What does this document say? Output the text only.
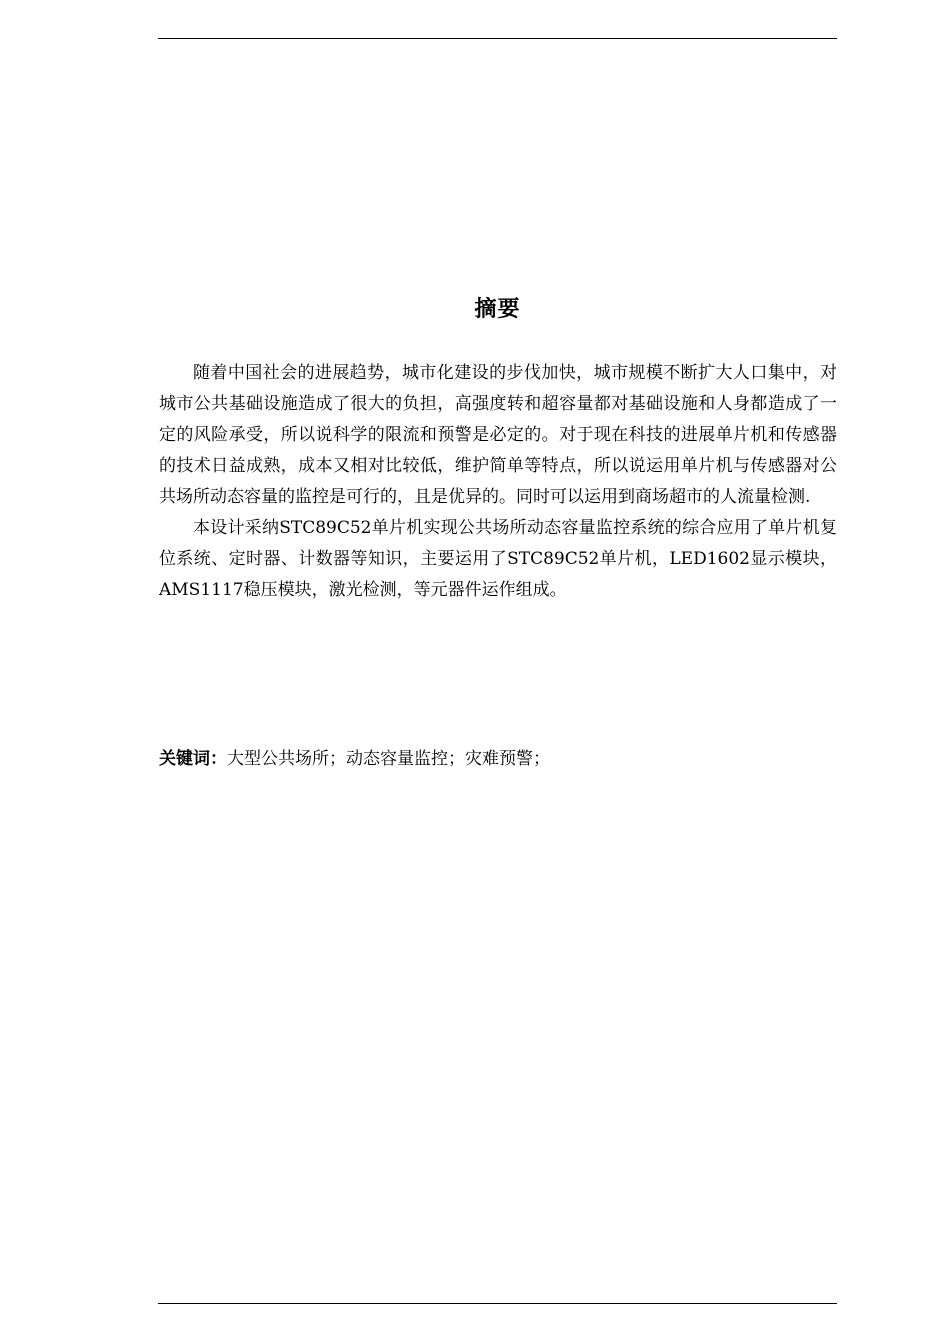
摘要

随着中国社会的进展趋势，城市化建设的步伐加快，城市规模不断扩大人口集中，对城市公共基础设施造成了很大的负担，高强度转和超容量都对基础设施和人身都造成了一定的风险承受，所以说科学的限流和预警是必定的。对于现在科技的进展单片机和传感器的技术日益成熟，成本又相对比较低，维护简单等特点，所以说运用单片机与传感器对公共场所动态容量的监控是可行的，且是优异的。同时可以运用到商场超市的人流量检测.

本设计采纳STC89C52单片机实现公共场所动态容量监控系统的综合应用了单片机复位系统、定时器、计数器等知识，主要运用了STC89C52单片机，LED1602显示模块，AMS1117稳压模块，激光检测，等元器件运作组成。

关键词：大型公共场所；动态容量监控；灾难预警；
